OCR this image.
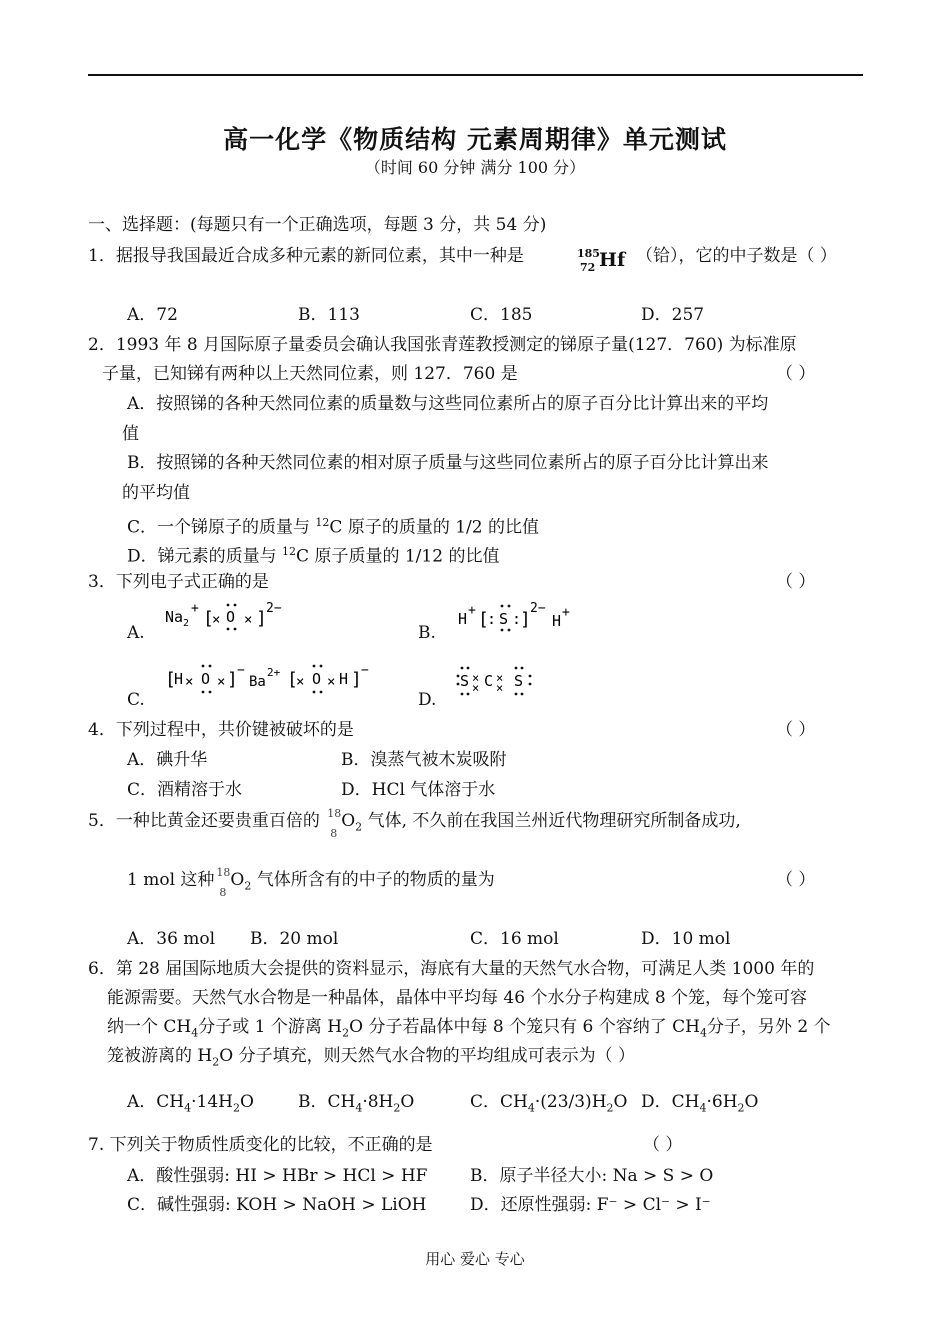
高一化学《物质结构 元素周期律》单元测试
（时间 60 分钟 满分 100 分）
一、选择题：(每题只有一个正确选项，每题 3 分，共 54 分)
1．据报导我国最近合成多种元素的新同位素，其中一种是	185
72 Hf （铪），它的中子数是（ ）
A．72	B．113	C．185	D．257
2．1993 年 8 月国际原子量委员会确认我国张青莲教授测定的锑原子量(127．760) 为标准原
子量，已知锑有两种以上天然同位素，则 127．760 是	（ ）
A．按照锑的各种天然同位素的质量数与这些同位素所占的原子百分比计算出来的平均
值
B．按照锑的各种天然同位素的相对原子质量与这些同位素所占的原子百分比计算出来
的平均值
C．一个锑原子的质量与 $^{12}$C 原子的质量的 1/2 的比值
D．锑元素的质量与 $^{12}$C 原子质量的 1/12 的比值
3．下列电子式正确的是	（ ）
A.
Na 2
+ [
× O × ] 2−
B.
H + [
: S :
]
2−
H +
C.
[
H × O × ] −
Ba
2+ [
× O × H ] −
D.
S ×
× C ×
× S
4．下列过程中，共价键被破坏的是	（ ）
A．碘升华	B．溴蒸气被木炭吸附
C．酒精溶于水	D．HCl 气体溶于水
5．一种比黄金还要贵重百倍的 18
8
$O_2$ 气体, 不久前在我国兰州近代物理研究所制备成功,
1 mol 这种 18
8
$O_2$ 气体所含有的中子的物质的量为	（ ）
A．36 mol B．20 mol	C．16 mol	D．10 mol
6．第 28 届国际地质大会提供的资料显示，海底有大量的天然气水合物，可满足人类 1000 年的
能源需要。天然气水合物是一种晶体，晶体中平均每 46 个水分子构建成 8 个笼，每个笼可容
纳一个 $CH_4$分子或 1 个游离 $H_2O$ 分子若晶体中每 8 个笼只有 6 个容纳了 $CH_4$分子，另外 2 个
笼被游离的 $H_2O$ 分子填充，则天然气水合物的平均组成可表示为（ ）
A．$CH_4\cdot 14H_2O$	B．$CH_4\cdot 8H_2O$	C．$CH_4\cdot(23/3)H_2O$ D．$CH_4\cdot 6H_2O$
7. 下列关于物质性质变化的比较，不正确的是	（ ）
A．酸性强弱: HI > HBr > HCl > HF	B．原子半径大小: Na > S > O
C．碱性强弱: KOH > NaOH > LiOH	D．还原性强弱: F⁻ > Cl⁻ > I⁻
用心 爱心 专心
